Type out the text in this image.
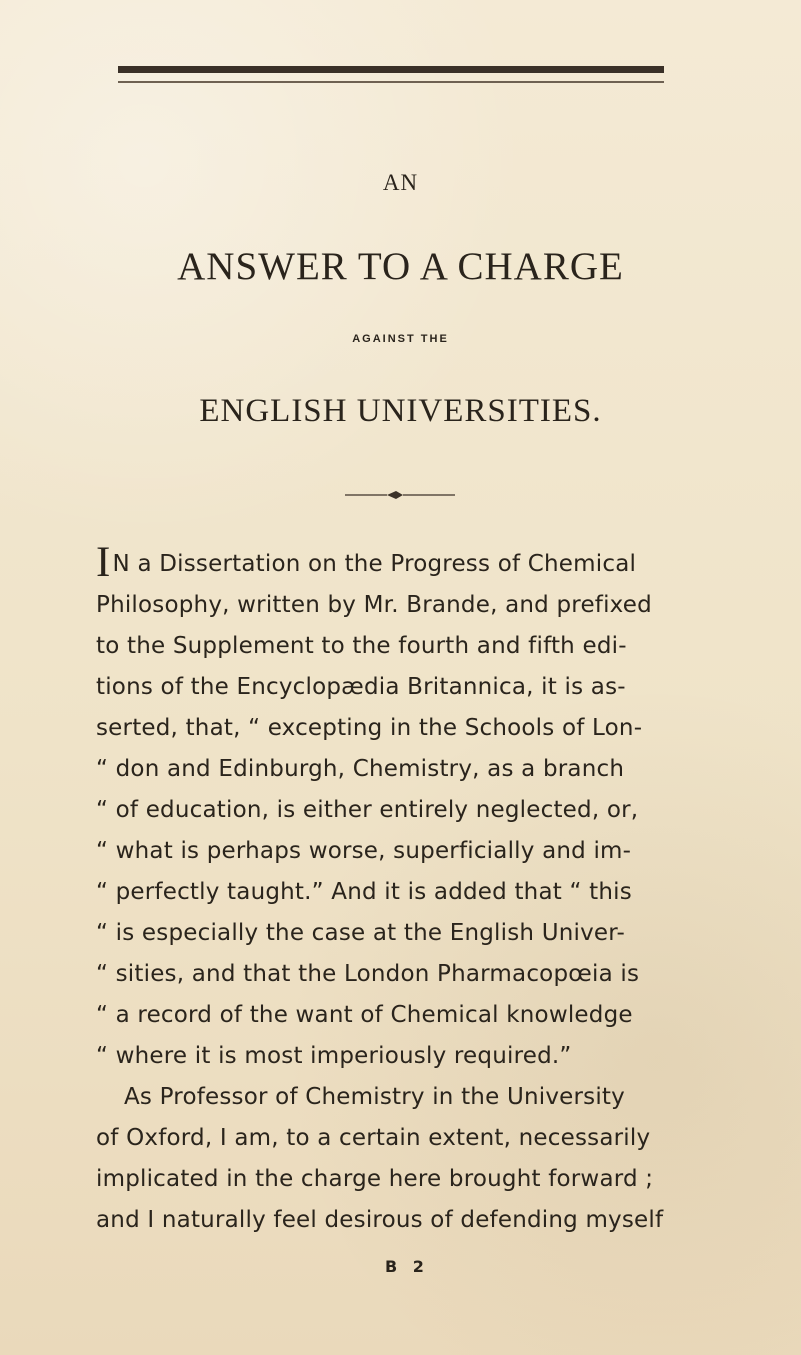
AN
ANSWER TO A CHARGE
AGAINST THE
ENGLISH UNIVERSITIES.
IN a Dissertation on the Progress of Chemical
Philosophy, written by Mr. Brande, and prefixed
to the Supplement to the fourth and fifth edi-
tions of the Encyclopædia Britannica, it is as-
serted, that, “ excepting in the Schools of Lon-
“ don and Edinburgh, Chemistry, as a branch
“ of education, is either entirely neglected, or,
“ what is perhaps worse, superficially and im-
“ perfectly taught.” And it is added that “ this
“ is especially the case at the English Univer-
“ sities, and that the London Pharmacopœia is
“ a record of the want of Chemical knowledge
“ where it is most imperiously required.”
As Professor of Chemistry in the University
of Oxford, I am, to a certain extent, necessarily
implicated in the charge here brought forward ;
and I naturally feel desirous of defending myself
B 2
